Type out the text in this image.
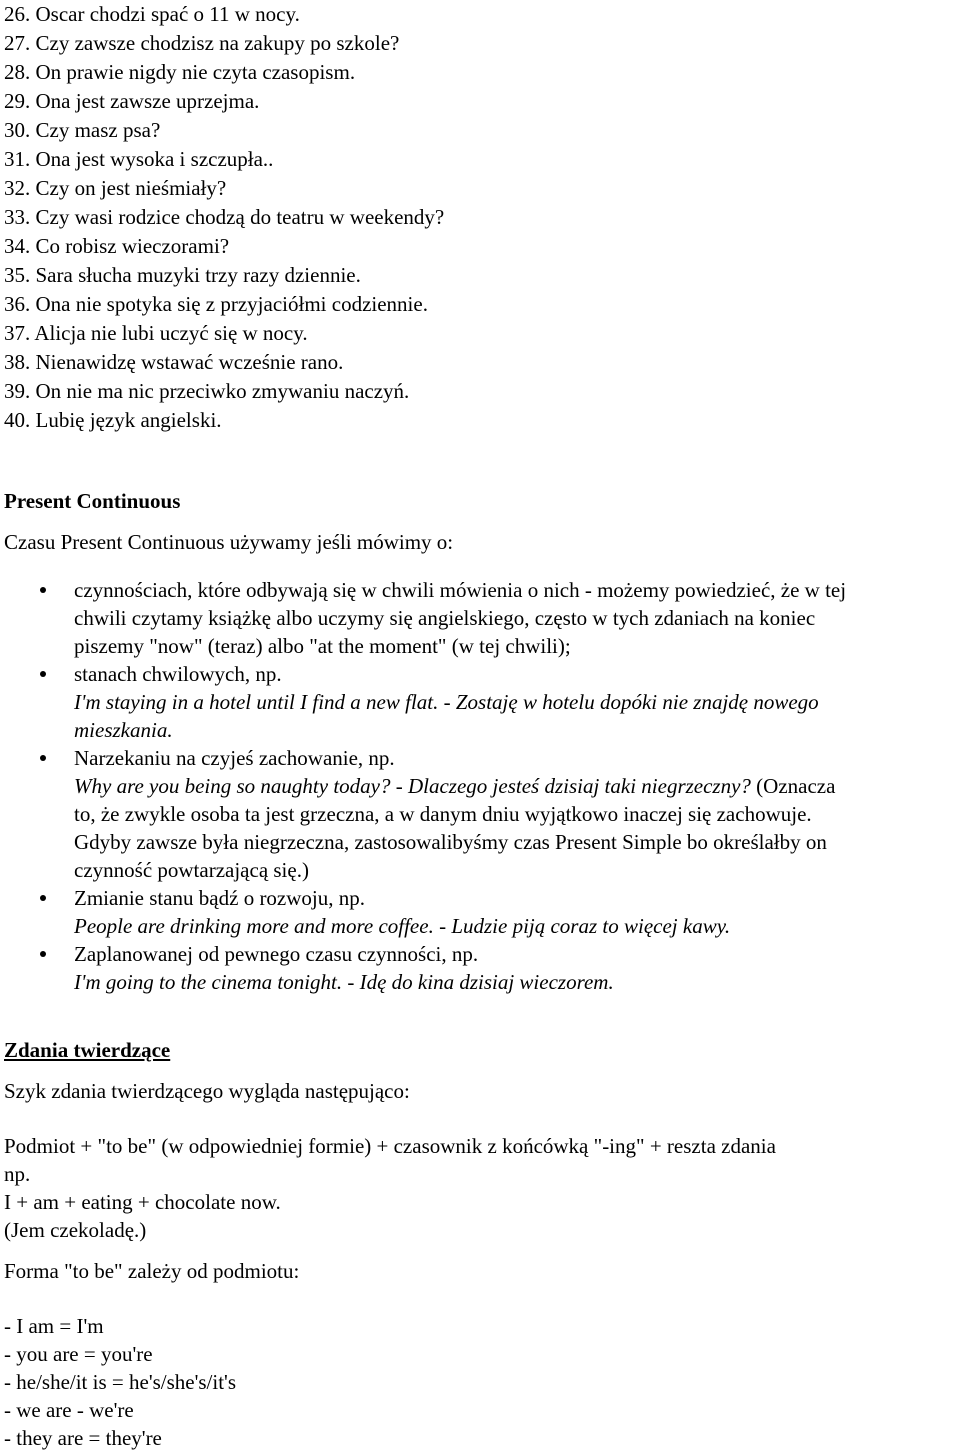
26. Oscar chodzi spać o 11 w nocy.
27. Czy zawsze chodzisz na zakupy po szkole?
28. On prawie nigdy nie czyta czasopism.
29. Ona jest zawsze uprzejma.
30. Czy masz psa?
31. Ona jest wysoka i szczupła..
32. Czy on jest nieśmiały?
33. Czy wasi rodzice chodzą do teatru w weekendy?
34. Co robisz wieczorami?
35. Sara słucha muzyki trzy razy dziennie.
36. Ona nie spotyka się z przyjaciółmi codziennie.
37. Alicja nie lubi uczyć się w nocy.
38. Nienawidzę wstawać wcześnie rano.
39. On nie ma nic przeciwko zmywaniu naczyń.
40. Lubię język angielski.
Present Continuous
Czasu Present Continuous używamy jeśli mówimy o:
czynnościach, które odbywają się w chwili mówienia o nich - możemy powiedzieć, że w tej
chwili czytamy książkę albo uczymy się angielskiego, często w tych zdaniach na koniec
piszemy "now" (teraz) albo "at the moment" (w tej chwili);
stanach chwilowych, np.
I'm staying in a hotel until I find a new flat. - Zostaję w hotelu dopóki nie znajdę nowego
mieszkania.
Narzekaniu na czyjeś zachowanie, np.
Why are you being so naughty today? - Dlaczego jesteś dzisiaj taki niegrzeczny? (Oznacza
to, że zwykle osoba ta jest grzeczna, a w danym dniu wyjątkowo inaczej się zachowuje.
Gdyby zawsze była niegrzeczna, zastosowalibyśmy czas Present Simple bo określałby on
czynność powtarzającą się.)
Zmianie stanu bądź o rozwoju, np.
People are drinking more and more coffee. - Ludzie piją coraz to więcej kawy.
Zaplanowanej od pewnego czasu czynności, np.
I'm going to the cinema tonight. - Idę do kina dzisiaj wieczorem.
Zdania twierdzące
Szyk zdania twierdzącego wygląda następująco:
Podmiot + "to be" (w odpowiedniej formie) + czasownik z końcówką "-ing" + reszta zdania
np.
I + am + eating + chocolate now.
(Jem czekoladę.)
Forma "to be" zależy od podmiotu:
- I am = I'm
- you are = you're
- he/she/it is = he's/she's/it's
- we are - we're
- they are = they're
